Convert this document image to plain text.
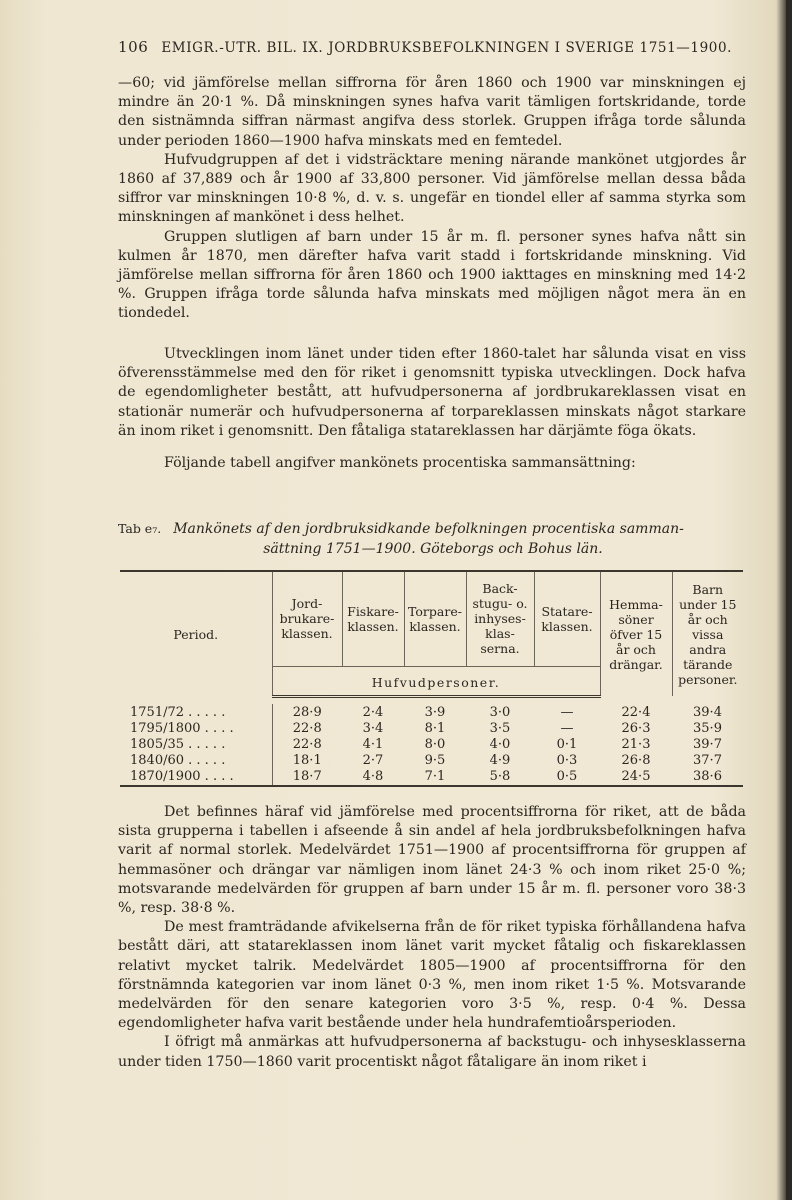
106 EMIGR.-UTR. BIL. IX. JORDBRUKSBEFOLKNINGEN I SVERIGE 1751—1900.

—60; vid jämförelse mellan siffrorna för åren 1860 och 1900 var minskningen ej mindre än 20·1 %. Då minskningen synes hafva varit tämligen fortskridande, torde den sistnämnda siffran närmast angifva dess storlek. Gruppen ifråga torde sålunda under perioden 1860—1900 hafva minskats med en femtedel.

Hufvudgruppen af det i vidsträcktare mening närande mankönet utgjordes år 1860 af 37,889 och år 1900 af 33,800 personer. Vid jämförelse mellan dessa båda siffror var minskningen 10·8 %, d. v. s. ungefär en tiondel eller af samma styrka som minskningen af mankönet i dess helhet.

Gruppen slutligen af barn under 15 år m. fl. personer synes hafva nått sin kulmen år 1870, men därefter hafva varit stadd i fortskridande minskning. Vid jämförelse mellan siffrorna för åren 1860 och 1900 iakttages en minskning med 14·2 %. Gruppen ifråga torde sålunda hafva minskats med möjligen något mera än en tiondedel.

Utvecklingen inom länet under tiden efter 1860-talet har sålunda visat en viss öfverensstämmelse med den för riket i genomsnitt typiska utvecklingen. Dock hafva de egendomligheter bestått, att hufvudpersonerna af jordbrukareklassen visat en stationär numerär och hufvudpersonerna af torpareklassen minskats något starkare än inom riket i genomsnitt. Den fåtaliga statareklassen har därjämte föga ökats.

Följande tabell angifver mankönets procentiska sammansättning:

Tab e₇. Mankönets af den jordbruksidkande befolkningen procentiska samman-
sättning 1751—1900. Göteborgs och Bohus län.
Period.	Jord-brukare-klassen.	Fiskare-klassen.	Torpare-klassen.	Back-stugu- o. inhyses-klas-serna.	Statare-klassen.	Hemma-söner öfver 15 år och drängar.	Barn under 15 år och vissa andra tärande personer.
	Hufvudpersoner.						

1751/72 . . . . .	28·9	2·4	3·9	3·0	—	22·4	39·4
1795/1800 . . . .	22·8	3·4	8·1	3·5	—	26·3	35·9
1805/35 . . . . .	22·8	4·1	8·0	4·0	0·1	21·3	39·7
1840/60 . . . . .	18·1	2·7	9·5	4·9	0·3	26·8	37·7
1870/1900 . . . .	18·7	4·8	7·1	5·8	0·5	24·5	38·6

Det befinnes häraf vid jämförelse med procentsiffrorna för riket, att de båda sista grupperna i tabellen i afseende å sin andel af hela jordbruksbefolkningen hafva varit af normal storlek. Medelvärdet 1751—1900 af procentsiffrorna för gruppen af hemmasöner och drängar var nämligen inom länet 24·3 % och inom riket 25·0 %; motsvarande medelvärden för gruppen af barn under 15 år m. fl. personer voro 38·3 %, resp. 38·8 %.

De mest framträdande afvikelserna från de för riket typiska förhållandena hafva bestått däri, att statareklassen inom länet varit mycket fåtalig och fiskareklassen relativt mycket talrik. Medelvärdet 1805—1900 af procentsiffrorna för den förstnämnda kategorien var inom länet 0·3 %, men inom riket 1·5 %. Motsvarande medelvärden för den senare kategorien voro 3·5 %, resp. 0·4 %. Dessa egendomligheter hafva varit bestående under hela hundrafemtioårsperioden.

I öfrigt må anmärkas att hufvudpersonerna af backstugu- och inhysesklasserna under tiden 1750—1860 varit procentiskt något fåtaligare än inom riket i
